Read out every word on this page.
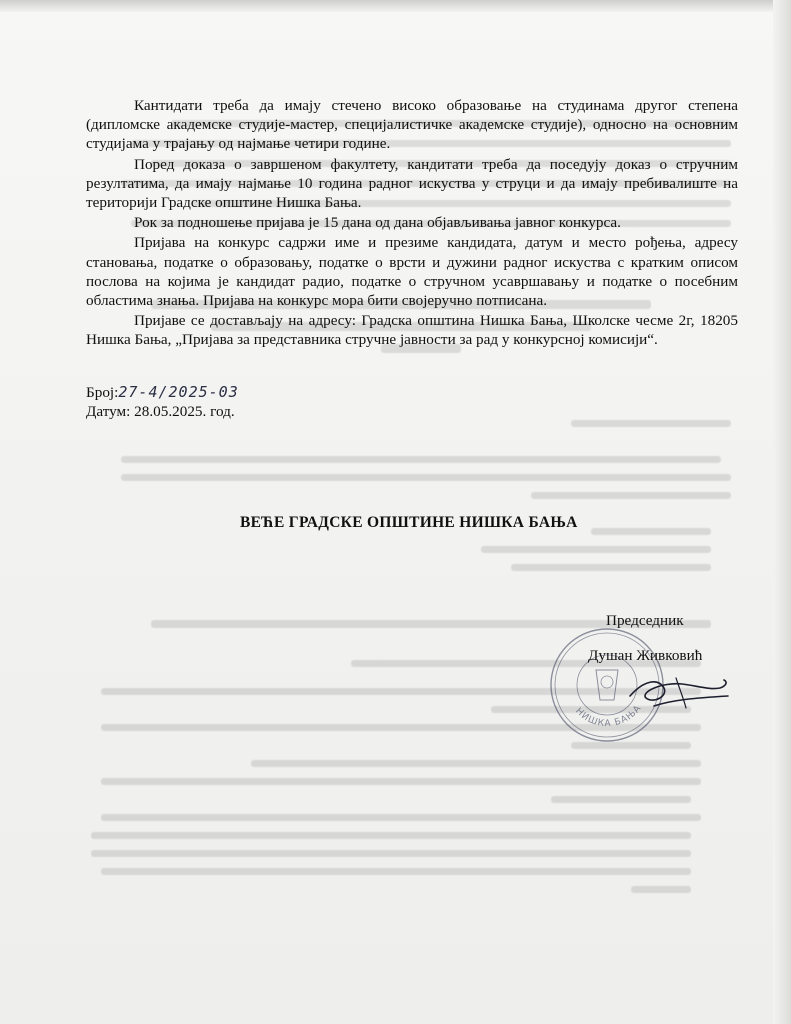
Кантидати треба да имају стечено високо образовање на студинама другог степена (дипломске академске студије-мастер, специјалистичке академске студије), односно на основним студијама у трајању од најмање четири године.

Поред доказа о завршеном факултету, кандитати треба да поседују доказ о стручним резултатима, да имају најмање 10 година радног искуства у струци и да имају пребивалиште на територији Градске општине Нишка Бања.

Рок за подношење пријава је 15 дана од дана објављивања јавног конкурса.

Пријава на конкурс садржи име и презиме кандидата, датум и место рођења, адресу становања, податке о образовању, податке о врсти и дужини радног искуства с кратким описом послова на којима је кандидат радио, податке о стручном усавршавању и податке о посебним областима знања. Пријава на конкурс мора бити својеручно потписана.

Пријаве се достављају на адресу: Градска општина Нишка Бања, Школске чесме 2г, 18205 Нишка Бања, „Пријава за представника стручне јавности за рад у конкурсној комисији“.

Број:27-4/2025-03
Датум: 28.05.2025. год.
ВЕЋЕ ГРАДСКЕ ОПШТИНЕ НИШКА БАЊА
Председник
НИШКА БАЊА
Душан Живковић
